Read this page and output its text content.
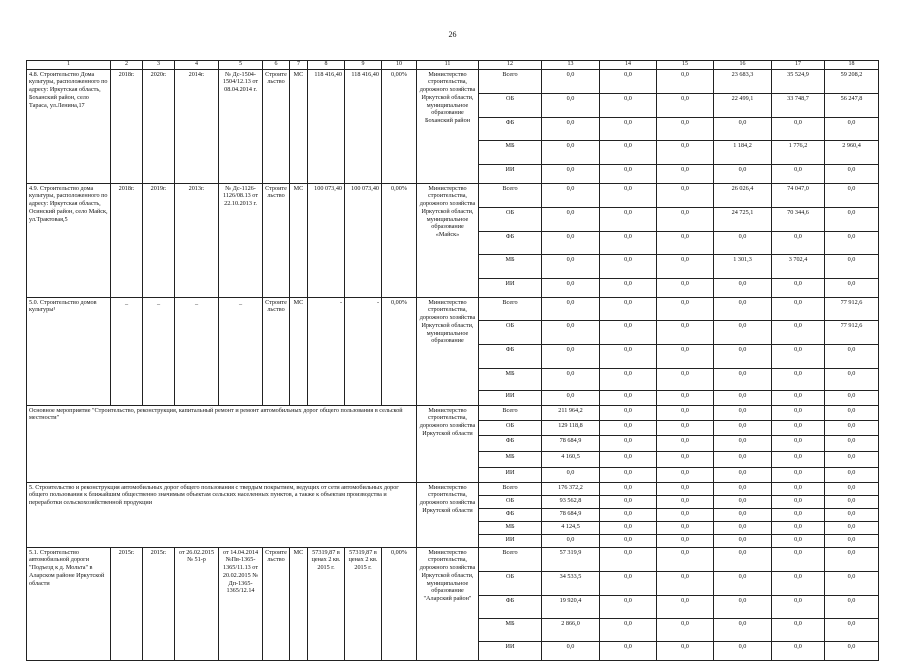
26
1	2	3	4	5	6	7	8	9	10	11	12	13	14	15	16	17	18
4.8. Строительство Дома культуры, расположенного по адресу: Иркутская область, Боханский район, село Тараса, ул.Ленина,17	2018г.	2020г.	2014г.	№ Дс-1504-1504/12.13 от 08.04.2014 г.	Строительство	МС	118 416,40	118 416,40	0,00%	Министерство строительства, дорожного хозяйства Иркутской области, муниципальное образование Боханский район	Всего	0,0	0,0	0,0	23 683,3	35 524,9	59 208,2
											ОБ	0,0	0,0	0,0	22 499,1	33 748,7	56 247,8
											ФБ	0,0	0,0	0,0	0,0	0,0	0,0
											МБ	0,0	0,0	0,0	1 184,2	1 776,2	2 960,4
											ИИ	0,0	0,0	0,0	0,0	0,0	0,0
4.9. Строительство дома культуры, расположенного по адресу: Иркутская область, Осинский район, село Майск, ул.Трактовая,5	2018г.	2019г.	2013г.	№ Дс-1126-1126/08.13 от 22.10.2013 г.	Строительство	МС	100 073,40	100 073,40	0,00%	Министерство строительства, дорожного хозяйства Иркутской области, муниципальное образование «Майск»	Всего	0,0	0,0	0,0	26 026,4	74 047,0	0,0
											ОБ	0,0	0,0	0,0	24 725,1	70 344,6	0,0
											ФБ	0,0	0,0	0,0	0,0	0,0	0,0
											МБ	0,0	0,0	0,0	1 301,3	3 702,4	0,0
											ИИ	0,0	0,0	0,0	0,0	0,0	0,0
5.0. Строительство домов культуры¹	_	_	_	_	Строительство	МС	-	-	0,00%	Министерство строительства, дорожного хозяйства Иркутской области, муниципальное образование	Всего	0,0	0,0	0,0	0,0	0,0	77 912,6
											ОБ	0,0	0,0	0,0	0,0	0,0	77 912,6
											ФБ	0,0	0,0	0,0	0,0	0,0	0,0
											МБ	0,0	0,0	0,0	0,0	0,0	0,0
											ИИ	0,0	0,0	0,0	0,0	0,0	0,0
Основное мероприятие "Строительство, реконструкция, капитальный ремонт и ремонт автомобильных дорог общего пользования в сельской местности"										Министерство строительства, дорожного хозяйства Иркутской области	Всего	211 964,2	0,0	0,0	0,0	0,0	0,0
											ОБ	129 118,8	0,0	0,0	0,0	0,0	0,0
											ФБ	78 684,9	0,0	0,0	0,0	0,0	0,0
											МБ	4 160,5	0,0	0,0	0,0	0,0	0,0
											ИИ	0,0	0,0	0,0	0,0	0,0	0,0
5. Строительство и реконструкция автомобильных дорог общего пользования с твердым покрытием, ведущих от сети автомобильных дорог общего пользования к ближайшим общественно значимым объектам сельских населенных пунктов, а также к объектам производства и переработки сельскохозяйственной продукции										Министерство строительства, дорожного хозяйства Иркутской области	Всего	176 372,2	0,0	0,0	0,0	0,0	0,0
											ОБ	93 562,8	0,0	0,0	0,0	0,0	0,0
											ФБ	78 684,9	0,0	0,0	0,0	0,0	0,0
											МБ	4 124,5	0,0	0,0	0,0	0,0	0,0
											ИИ	0,0	0,0	0,0	0,0	0,0	0,0
5.1. Строительство автомобильной дороги "Подъезд к д. Мольта" в Аларском районе Иркутской области	2015г.	2015г.	от 26.02.2015 № 51-р	от 14.04.2014 №Пв-1365-1365/11.13 от 20.02.2015 № Дп-1365-1365/12.14	Строительство	МС	57319,87 в ценах 2 кв. 2015 г.	57319,87 в ценах 2 кв. 2015 г.	0,00%	Министерство строительства, дорожного хозяйства Иркутской области, муниципальное образование "Аларский район"	Всего	57 319,9	0,0	0,0	0,0	0,0	0,0
											ОБ	34 533,5	0,0	0,0	0,0	0,0	0,0
											ФБ	19 920,4	0,0	0,0	0,0	0,0	0,0
											МБ	2 866,0	0,0	0,0	0,0	0,0	0,0
											ИИ	0,0	0,0	0,0	0,0	0,0	0,0
